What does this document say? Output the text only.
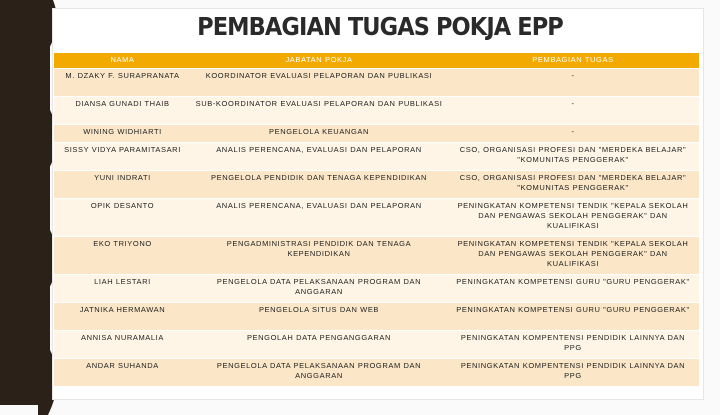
PEMBAGIAN TUGAS POKJA EPP
NAMA	JABATAN POKJA	PEMBAGIAN TUGAS
M. DZAKY F. SURAPRANATA	KOORDINATOR EVALUASI PELAPORAN DAN PUBLIKASI	-
DIANSA GUNADI THAIB	SUB-KOORDINATOR EVALUASI PELAPORAN DAN PUBLIKASI	-
WINING WIDHIARTI	PENGELOLA KEUANGAN	-
SISSY VIDYA PARAMITASARI	ANALIS PERENCANA, EVALUASI DAN PELAPORAN	CSO, ORGANISASI PROFESI DAN "MERDEKA BELAJAR" "KOMUNITAS PENGGERAK"
YUNI INDRATI	PENGELOLA PENDIDIK DAN TENAGA KEPENDIDIKAN	CSO, ORGANISASI PROFESI DAN "MERDEKA BELAJAR" "KOMUNITAS PENGGERAK"
OPIK DESANTO	ANALIS PERENCANA, EVALUASI DAN PELAPORAN	PENINGKATAN KOMPETENSI TENDIK "KEPALA SEKOLAH DAN PENGAWAS SEKOLAH PENGGERAK" DAN KUALIFIKASI
EKO TRIYONO	PENGADMINISTRASI PENDIDIK DAN TENAGA KEPENDIDIKAN	PENINGKATAN KOMPETENSI TENDIK "KEPALA SEKOLAH DAN PENGAWAS SEKOLAH PENGGERAK" DAN KUALIFIKASI
LIAH LESTARI	PENGELOLA DATA PELAKSANAAN PROGRAM DAN ANGGARAN	PENINGKATAN KOMPETENSI GURU "GURU PENGGERAK"
JATNIKA HERMAWAN	PENGELOLA SITUS DAN WEB	PENINGKATAN KOMPETENSI GURU "GURU PENGGERAK"
ANNISA NURAMALIA	PENGOLAH DATA PENGANGGARAN	PENINGKATAN KOMPENTENSI PENDIDIK LAINNYA DAN PPG
ANDAR SUHANDA	PENGELOLA DATA PELAKSANAAN PROGRAM DAN ANGGARAN	PENINGKATAN KOMPENTENSI PENDIDIK LAINNYA DAN PPG
